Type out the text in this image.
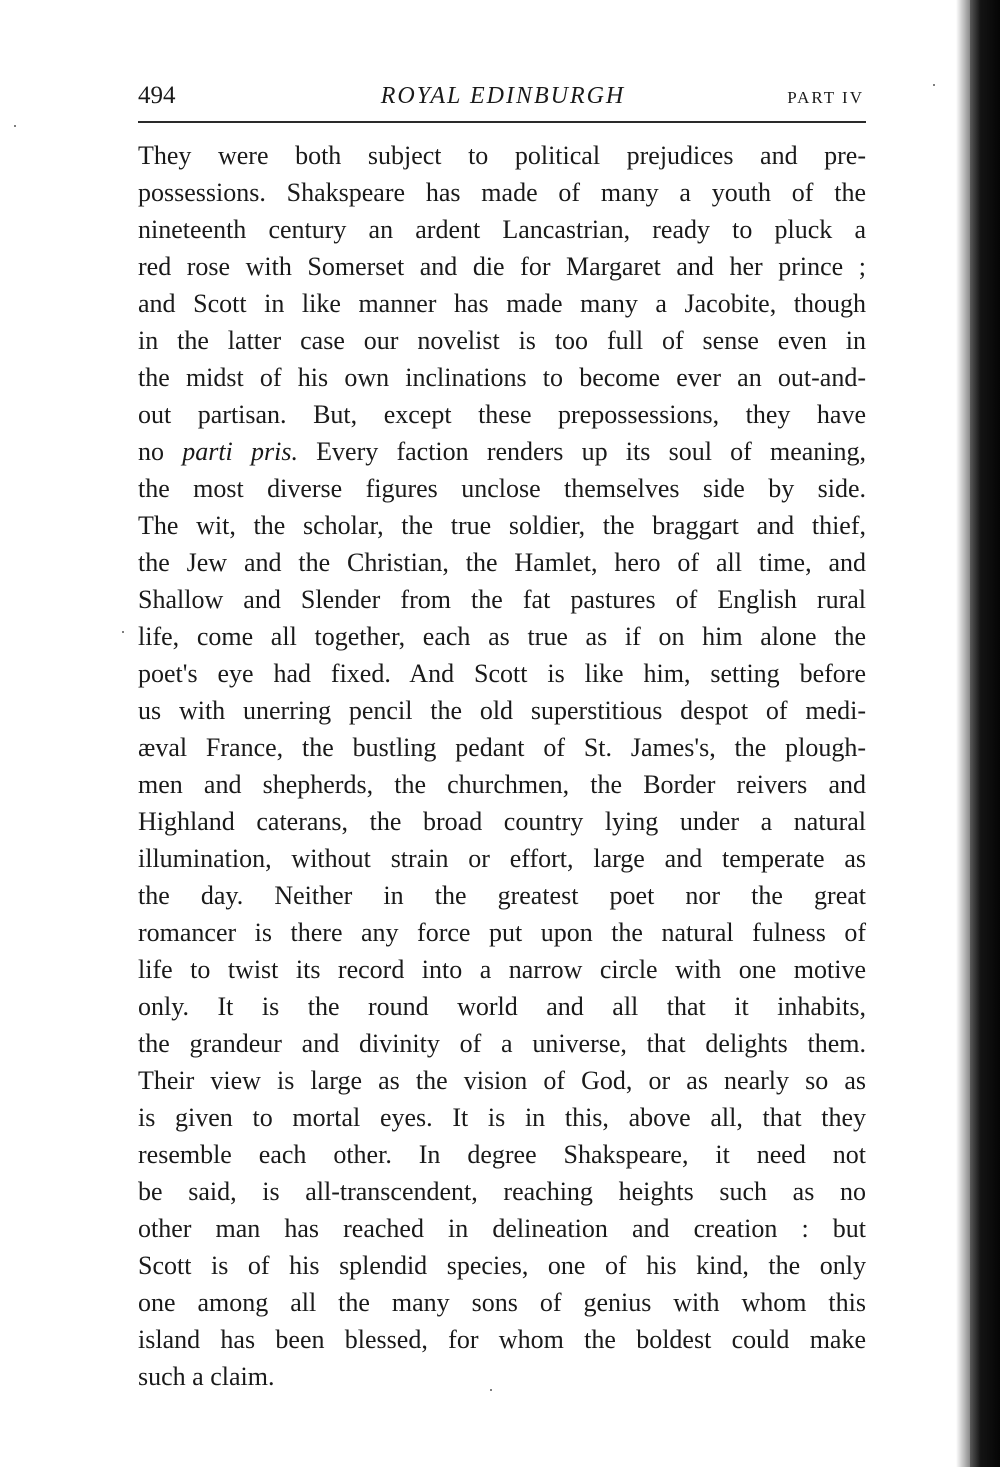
494	ROYAL EDINBURGH	PART IV
They were both subject to political prejudices and pre-
possessions. Shakspeare has made of many a youth of the
nineteenth century an ardent Lancastrian, ready to pluck a
red rose with Somerset and die for Margaret and her prince ;
and Scott in like manner has made many a Jacobite, though
in the latter case our novelist is too full of sense even in
the midst of his own inclinations to become ever an out-and-
out partisan. But, except these prepossessions, they have
no parti pris. Every faction renders up its soul of meaning,
the most diverse figures unclose themselves side by side.
The wit, the scholar, the true soldier, the braggart and thief,
the Jew and the Christian, the Hamlet, hero of all time, and
Shallow and Slender from the fat pastures of English rural
life, come all together, each as true as if on him alone the
poet's eye had fixed. And Scott is like him, setting before
us with unerring pencil the old superstitious despot of medi-
æval France, the bustling pedant of St. James's, the plough-
men and shepherds, the churchmen, the Border reivers and
Highland caterans, the broad country lying under a natural
illumination, without strain or effort, large and temperate as
the day. Neither in the greatest poet nor the great
romancer is there any force put upon the natural fulness of
life to twist its record into a narrow circle with one motive
only. It is the round world and all that it inhabits,
the grandeur and divinity of a universe, that delights them.
Their view is large as the vision of God, or as nearly so as
is given to mortal eyes. It is in this, above all, that they
resemble each other. In degree Shakspeare, it need not
be said, is all-transcendent, reaching heights such as no
other man has reached in delineation and creation : but
Scott is of his splendid species, one of his kind, the only
one among all the many sons of genius with whom this
island has been blessed, for whom the boldest could make
such a claim.
